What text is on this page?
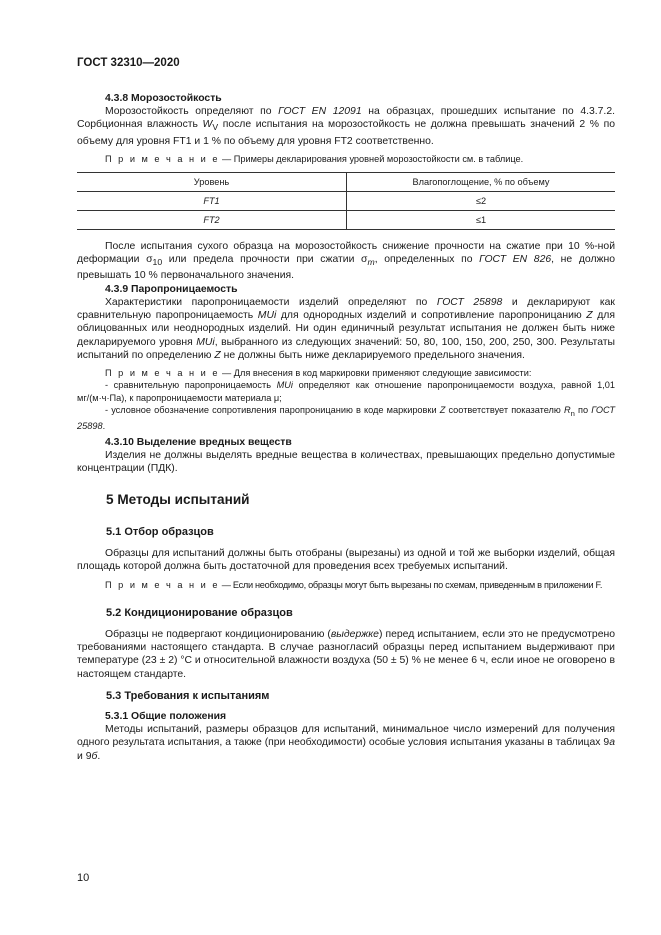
ГОСТ 32310—2020

4.3.8 Морозостойкость

Морозостойкость определяют по ГОСТ EN 12091 на образцах, прошедших испытание по 4.3.7.2. Сорбционная влажность $W_V$ после испытания на морозостойкость не должна превышать значений 2 % по объему для уровня FT1 и 1 % по объему для уровня FT2 соответственно.

П р и м е ч а н и е — Примеры декларирования уровней морозостойкости см. в таблице.

Уровень	Влагопоглощение, % по объему
FT1	≤2
FT2	≤1

После испытания сухого образца на морозостойкость снижение прочности на сжатие при 10 %-ной деформации $\sigma_{10}$ или предела прочности при сжатии $\sigma_m$, определенных по ГОСТ EN 826, не должно превышать 10 % первоначального значения.

4.3.9 Паропроницаемость

Характеристики паропроницаемости изделий определяют по ГОСТ 25898 и декларируют как сравнительную паропроницаемость MUi для однородных изделий и сопротивление паропроницанию Z для облицованных или неоднородных изделий. Ни один единичный результат испытания не должен быть ниже декларируемого уровня MUi, выбранного из следующих значений: 50, 80, 100, 150, 200, 250, 300. Результаты испытаний по определению Z не должны быть ниже декларируемого предельного значения.

П р и м е ч а н и е — Для внесения в код маркировки применяют следующие зависимости:

- сравнительную паропроницаемость MUi определяют как отношение паропроницаемости воздуха, равной 1,01 мг/(м·ч·Па), к паропроницаемости материала μ;

- условное обозначение сопротивления паропроницанию в коде маркировки Z соответствует показателю $R_n$ по ГОСТ 25898.

4.3.10 Выделение вредных веществ

Изделия не должны выделять вредные вещества в количествах, превышающих предельно допустимые концентрации (ПДК).

5 Методы испытаний
5.1 Отбор образцов

Образцы для испытаний должны быть отобраны (вырезаны) из одной и той же выборки изделий, общая площадь которой должна быть достаточной для проведения всех требуемых испытаний.

П р и м е ч а н и е — Если необходимо, образцы могут быть вырезаны по схемам, приведенным в приложении F.

5.2 Кондиционирование образцов

Образцы не подвергают кондиционированию (выдержке) перед испытанием, если это не предусмотрено требованиями настоящего стандарта. В случае разногласий образцы перед испытанием выдерживают при температуре (23 ± 2) °С и относительной влажности воздуха (50 ± 5) % не менее 6 ч, если иное не оговорено в настоящем стандарте.

5.3 Требования к испытаниям

5.3.1 Общие положения

Методы испытаний, размеры образцов для испытаний, минимальное число измерений для получения одного результата испытания, а также (при необходимости) особые условия испытания указаны в таблицах 9а и 9б.

10
